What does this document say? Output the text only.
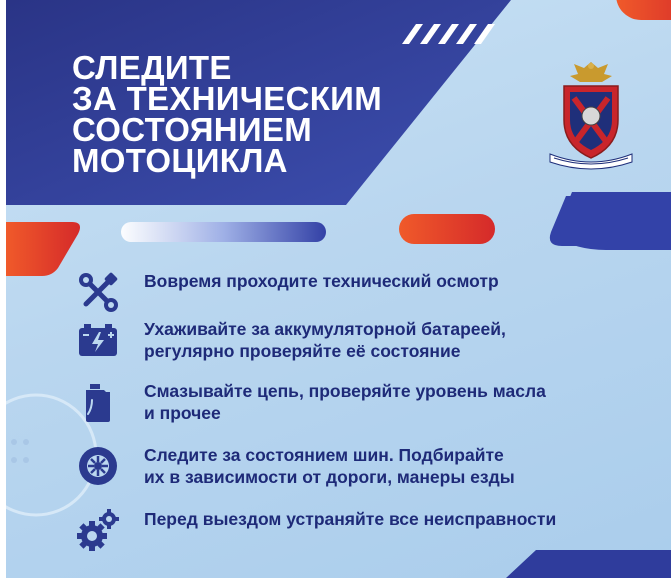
СЛЕДИТЕ
ЗА ТЕХНИЧЕСКИМ
СОСТОЯНИЕМ
МОТОЦИКЛА
Вовремя проходите технический осмотр
Ухаживайте за аккумуляторной батареей,
регулярно проверяйте её состояние
Смазывайте цепь, проверяйте уровень масла
и прочее
Следите за состоянием шин. Подбирайте
их в зависимости от дороги, манеры езды
Перед выездом устраняйте все неисправности
